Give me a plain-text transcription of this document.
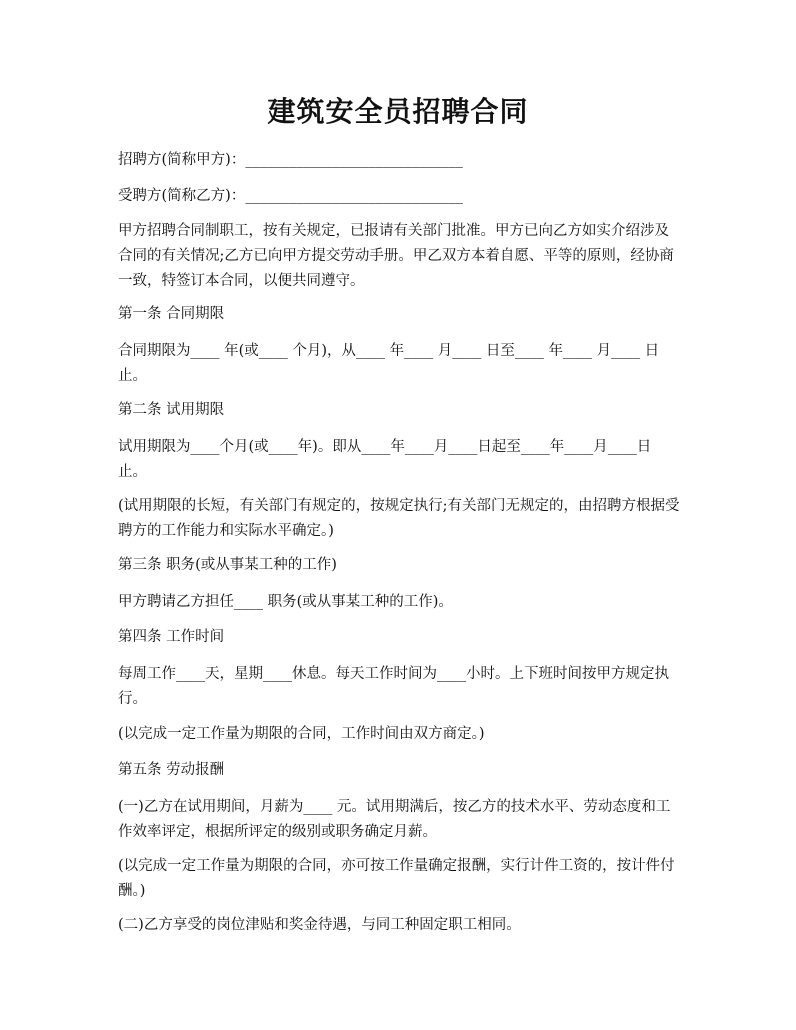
建筑安全员招聘合同

招聘方(简称甲方)：______________________________

受聘方(简称乙方)：______________________________

甲方招聘合同制职工，按有关规定，已报请有关部门批准。甲方已向乙方如实介绍涉及合同的有关情况;乙方已向甲方提交劳动手册。甲乙双方本着自愿、平等的原则，经协商一致，特签订本合同，以便共同遵守。

第一条 合同期限

合同期限为____ 年(或____ 个月)，从____ 年____ 月____ 日至____ 年____ 月____ 日止。

第二条 试用期限

试用期限为____个月(或____年)。即从____年____月____日起至____年____月____日止。

(试用期限的长短，有关部门有规定的，按规定执行;有关部门无规定的，由招聘方根据受聘方的工作能力和实际水平确定。)

第三条 职务(或从事某工种的工作)

甲方聘请乙方担任____ 职务(或从事某工种的工作)。

第四条 工作时间

每周工作____天，星期____休息。每天工作时间为____小时。上下班时间按甲方规定执行。

(以完成一定工作量为期限的合同，工作时间由双方商定。)

第五条 劳动报酬

(一)乙方在试用期间，月薪为____ 元。试用期满后，按乙方的技术水平、劳动态度和工作效率评定，根据所评定的级别或职务确定月薪。

(以完成一定工作量为期限的合同，亦可按工作量确定报酬，实行计件工资的，按计件付酬。)

(二)乙方享受的岗位津贴和奖金待遇，与同工种固定职工相同。
